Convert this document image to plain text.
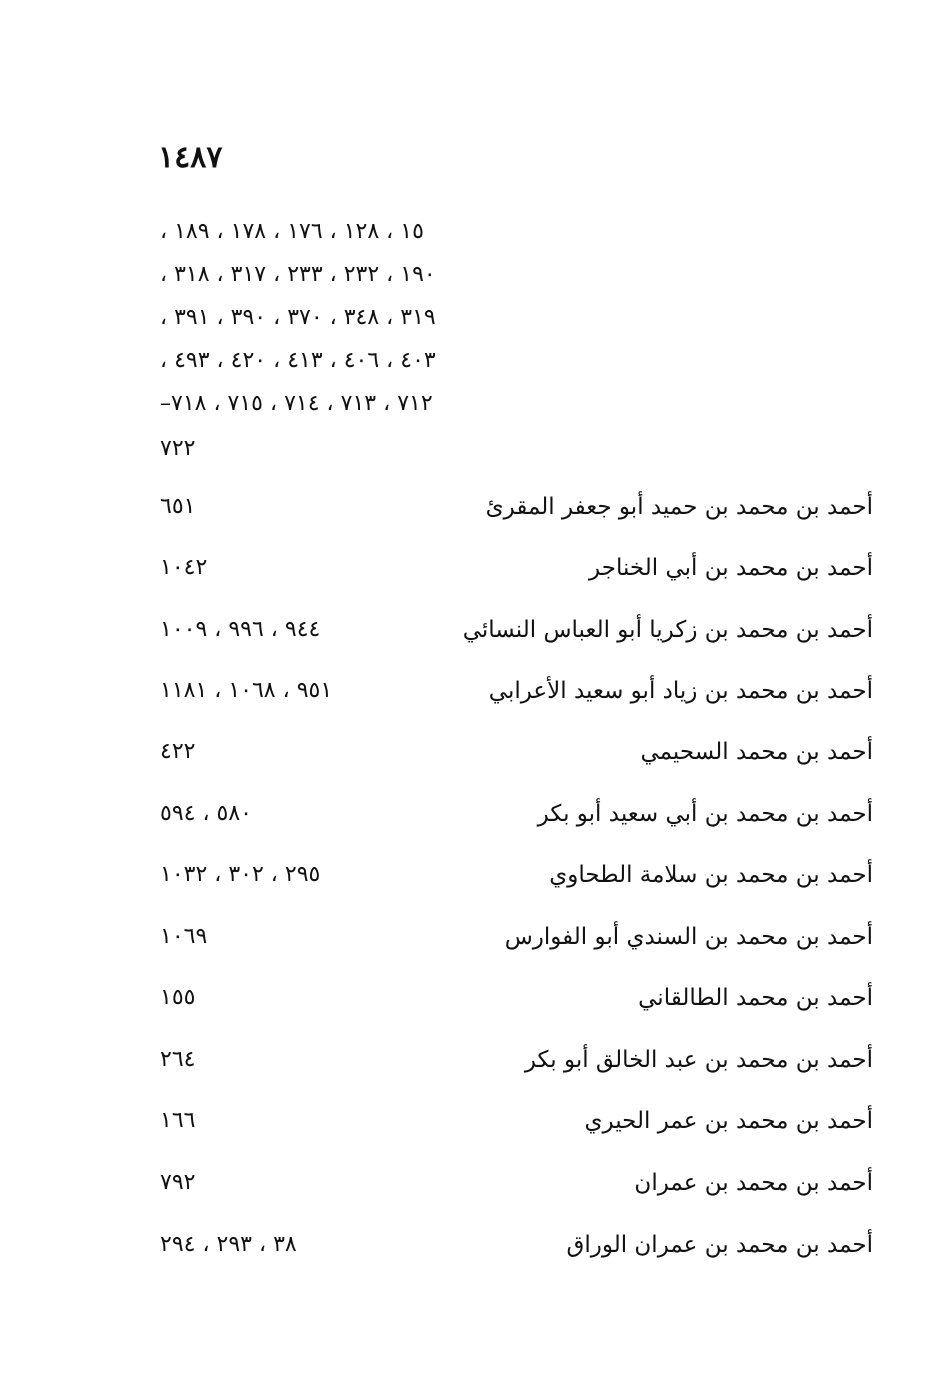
١٤٨٧
١٥ ، ١٢٨ ، ١٧٦ ، ١٧٨ ، ١٨٩ ،
١٩٠ ، ٢٣٢ ، ٢٣٣ ، ٣١٧ ، ٣١٨ ،
٣١٩ ، ٣٤٨ ، ٣٧٠ ، ٣٩٠ ، ٣٩١ ،
٤٠٣ ، ٤٠٦ ، ٤١٣ ، ٤٢٠ ، ٤٩٣ ،
٧١٢ ، ٧١٣ ، ٧١٤ ، ٧١٥ ، ٧١٨–
٧٢٢
أحمد بن محمد بن حميد أبو جعفر المقرئ
٦٥١
أحمد بن محمد بن أبي الخناجر
١٠٤٢
أحمد بن محمد بن زكريا أبو العباس النسائي
٩٤٤ ، ٩٩٦ ، ١٠٠٩
أحمد بن محمد بن زياد أبو سعيد الأعرابي
٩٥١ ، ١٠٦٨ ، ١١٨١
أحمد بن محمد السحيمي
٤٢٢
أحمد بن محمد بن أبي سعيد أبو بكر
٥٨٠ ، ٥٩٤
أحمد بن محمد بن سلامة الطحاوي
٢٩٥ ، ٣٠٢ ، ١٠٣٢
أحمد بن محمد بن السندي أبو الفوارس
١٠٦٩
أحمد بن محمد الطالقاني
١٥٥
أحمد بن محمد بن عبد الخالق أبو بكر
٢٦٤
أحمد بن محمد بن عمر الحيري
١٦٦
أحمد بن محمد بن عمران
٧٩٢
أحمد بن محمد بن عمران الوراق
٣٨ ، ٢٩٣ ، ٢٩٤
